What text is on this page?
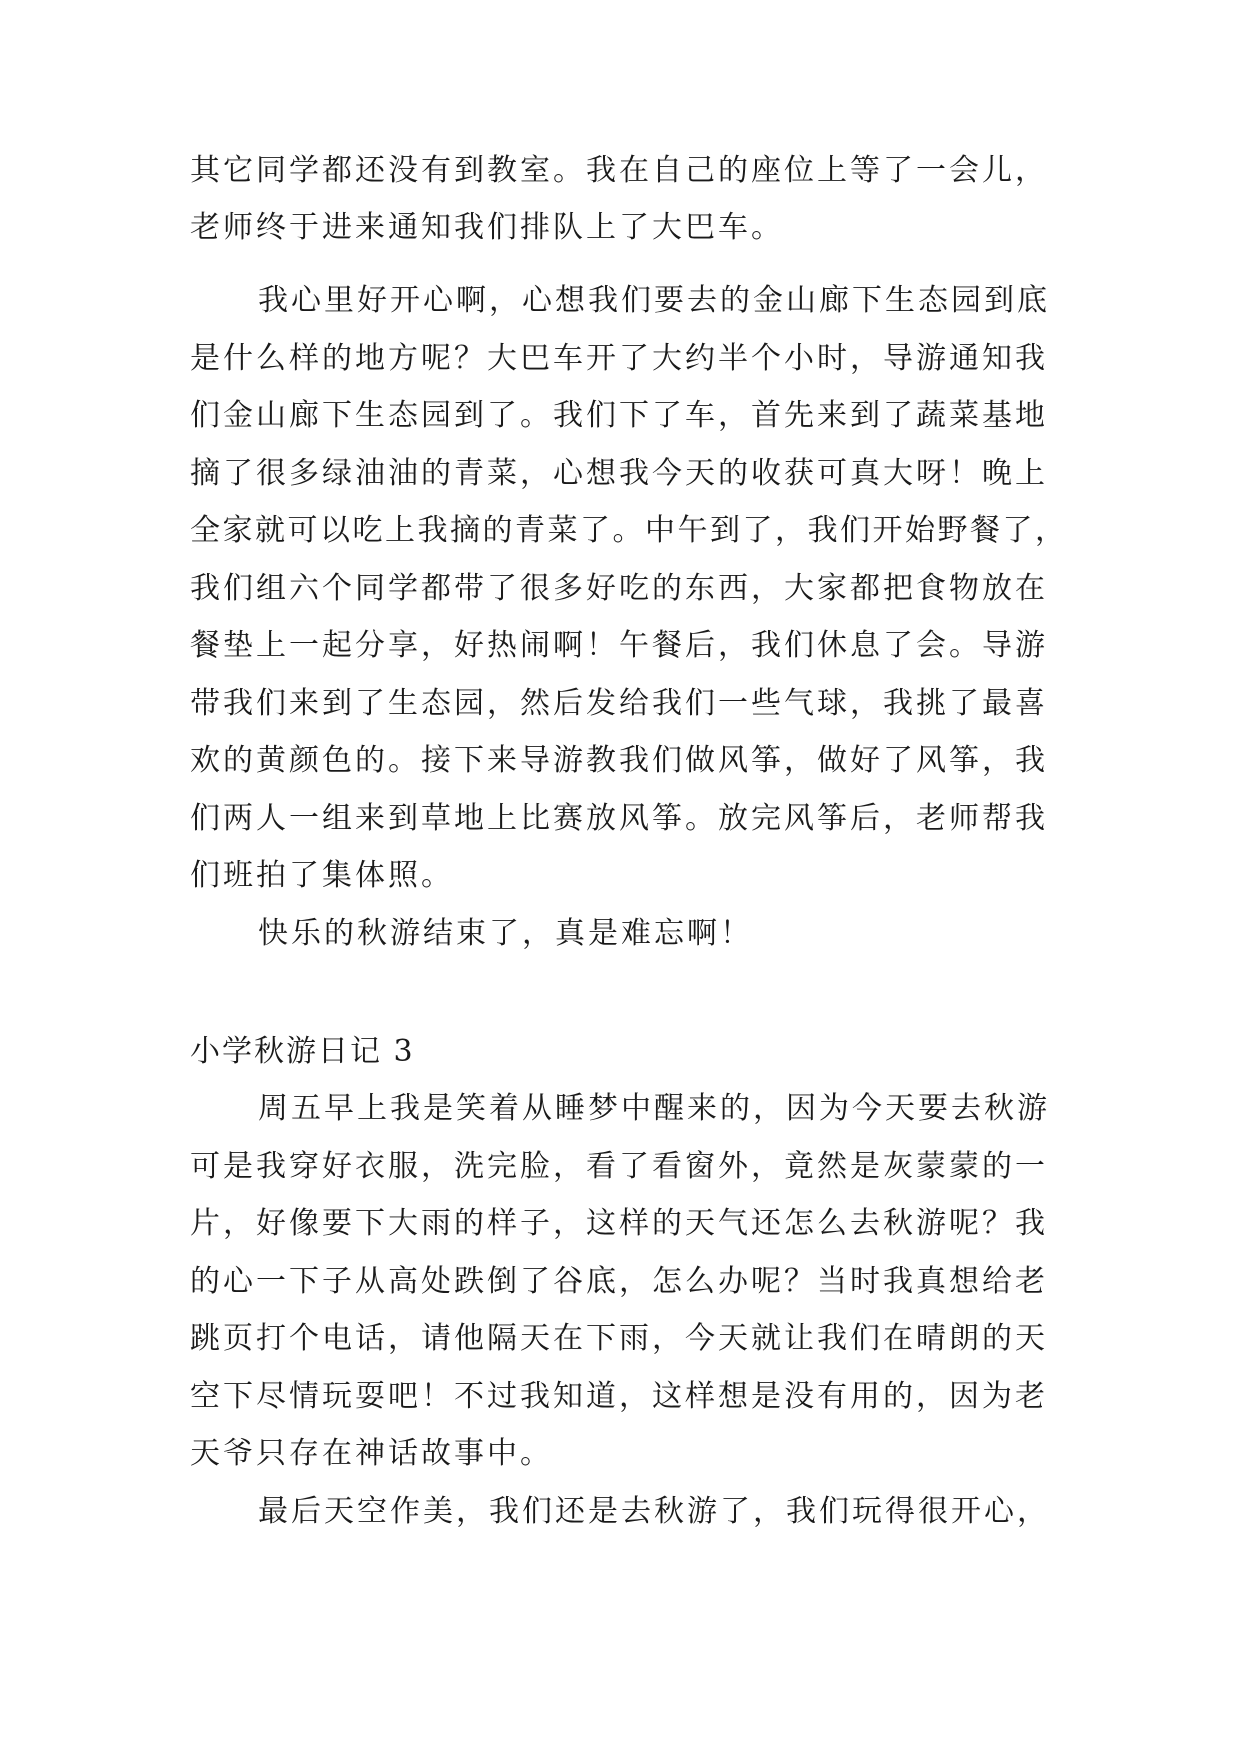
其它同学都还没有到教室。我在自己的座位上等了一会儿，
老师终于进来通知我们排队上了大巴车。
我心里好开心啊，心想我们要去的金山廊下生态园到底
是什么样的地方呢？大巴车开了大约半个小时，导游通知我
们金山廊下生态园到了。我们下了车，首先来到了蔬菜基地
摘了很多绿油油的青菜，心想我今天的收获可真大呀！晚上
全家就可以吃上我摘的青菜了。中午到了，我们开始野餐了，
我们组六个同学都带了很多好吃的东西，大家都把食物放在
餐垫上一起分享，好热闹啊！午餐后，我们休息了会。导游
带我们来到了生态园，然后发给我们一些气球，我挑了最喜
欢的黄颜色的。接下来导游教我们做风筝，做好了风筝，我
们两人一组来到草地上比赛放风筝。放完风筝后，老师帮我
们班拍了集体照。
快乐的秋游结束了，真是难忘啊！
小学秋游日记 3
周五早上我是笑着从睡梦中醒来的，因为今天要去秋游
可是我穿好衣服，洗完脸，看了看窗外，竟然是灰蒙蒙的一
片，好像要下大雨的样子，这样的天气还怎么去秋游呢？我
的心一下子从高处跌倒了谷底，怎么办呢？当时我真想给老
跳页打个电话，请他隔天在下雨，今天就让我们在晴朗的天
空下尽情玩耍吧！不过我知道，这样想是没有用的，因为老
天爷只存在神话故事中。
最后天空作美，我们还是去秋游了，我们玩得很开心，
